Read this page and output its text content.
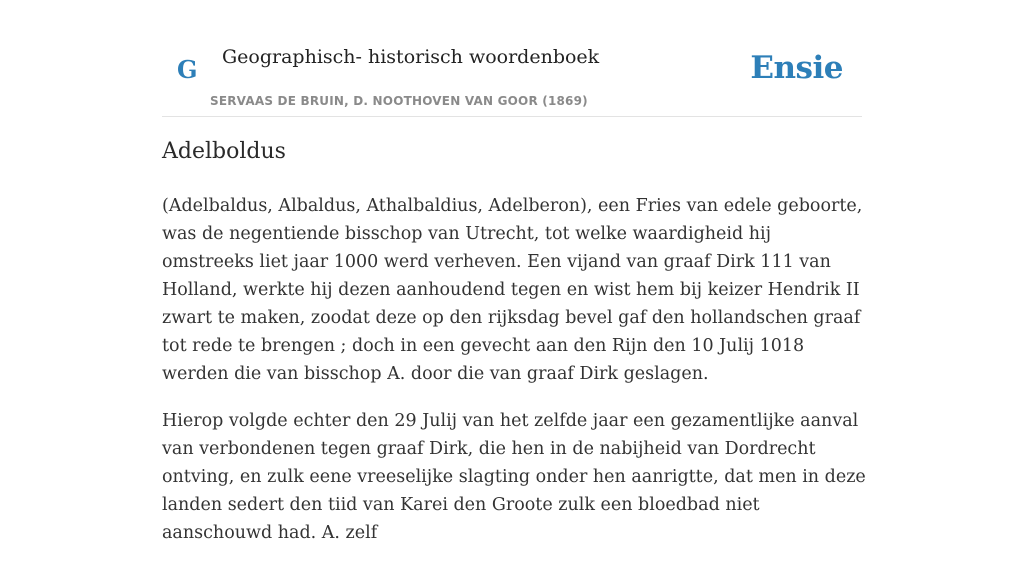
G Geographisch- historisch woordenboek
SERVAAS DE BRUIN, D. NOOTHOVEN VAN GOOR (1869)
Ensie
Adelboldus

(Adelbaldus, Albaldus, Athalbaldius, Adelberon), een Fries van edele geboorte, was de negentiende bisschop van Utrecht, tot welke waardigheid hij omstreeks liet jaar 1000 werd verheven. Een vijand van graaf Dirk 111 van Holland, werkte hij dezen aanhoudend tegen en wist hem bij keizer Hendrik II zwart te maken, zoodat deze op den rijksdag bevel gaf den hollandschen graaf tot rede te brengen ; doch in een gevecht aan den Rijn den 10 Julij 1018 werden die van bisschop A. door die van graaf Dirk geslagen.

Hierop volgde echter den 29 Julij van het zelfde jaar een gezamentlijke aanval van verbondenen tegen graaf Dirk, die hen in de nabijheid van Dordrecht ontving, en zulk eene vreeselijke slagting onder hen aanrigtte, dat men in deze landen sedert den tiid van Karei den Groote zulk een bloedbad niet aanschouwd had. A. zelf
